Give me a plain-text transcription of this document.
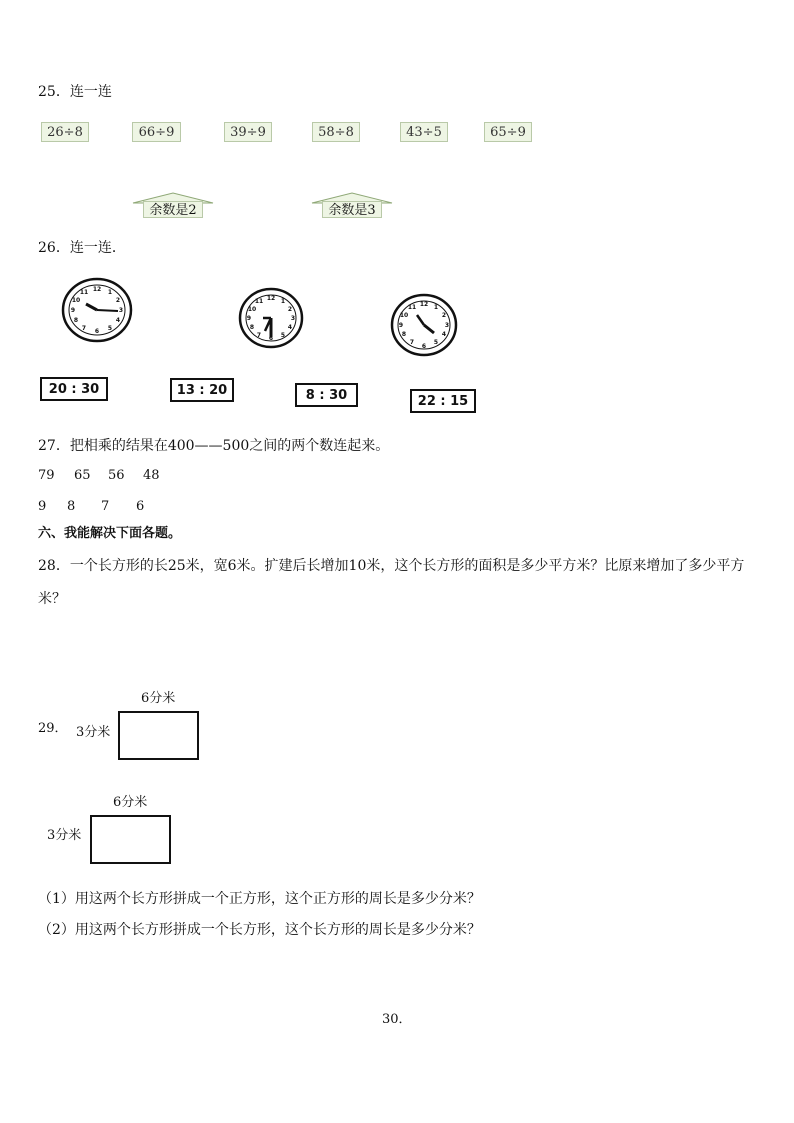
25．连一连
26÷8	66÷9	39÷9	58÷8	43÷5	65÷9
余数是2	余数是3
26．连一连．
12 1
2
3
4
5
6
7
8
9
10
11
12 1
2
3
4
5
6
7
8
9
10
11	12 1
2
3
4
5
6
7
8
9
10
11
20 : 30	13 : 20	8 : 30	22 : 15
27．把相乘的结果在400——500之间的两个数连起来。
79 65 56 48
9 8 7 6
六、我能解决下面各题。
28．一个长方形的长25米，宽6米。扩建后长增加10米，这个长方形的面积是多少平方米？比原来增加了多少平方
米？
29．
6分米
3分米
6分米
3分米
（1）用这两个长方形拼成一个正方形，这个正方形的周长是多少分米？
（2）用这两个长方形拼成一个长方形，这个长方形的周长是多少分米？
30．
